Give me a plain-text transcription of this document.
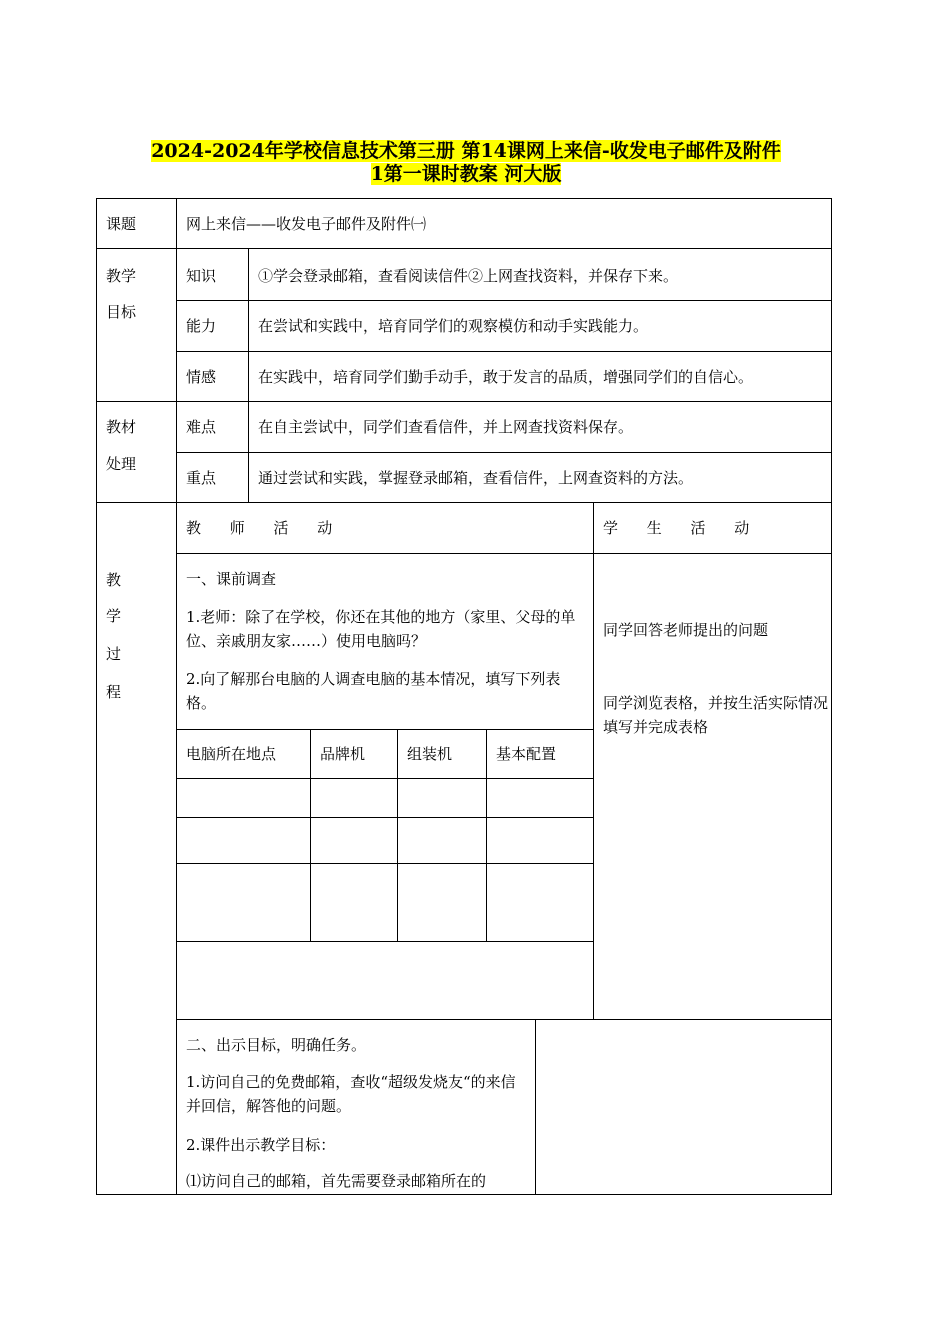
2024-2024年学校信息技术第三册 第14课网上来信-收发电子邮件及附件
1第一课时教案 河大版
课题	网上来信——收发电子邮件及附件㈠
教学
目标
知识	①学会登录邮箱，查看阅读信件②上网查找资料，并保存下来。
能力	在尝试和实践中，培育同学们的观察模仿和动手实践能力。
情感	在实践中，培育同学们勤手动手，敢于发言的品质，增强同学们的自信心。
教材
处理
难点	在自主尝试中，同学们查看信件，并上网查找资料保存。
重点	通过尝试和实践，掌握登录邮箱，查看信件，上网查资料的方法。
教
学
过
程
教 师 活 动	学 生 活 动
一、课前调查
1.老师：除了在学校，你还在其他的地方（家里、父母的单位、亲戚朋友家……）使用电脑吗？
2.向了解那台电脑的人调查电脑的基本情况，填写下列表格。
电脑所在地点	品牌机	组装机	基本配置
同学回答老师提出的问题
同学浏览表格，并按生活实际情况填写并完成表格
二、出示目标，明确任务。
1.访问自己的免费邮箱，查收“超级发烧友“的来信并回信，解答他的问题。
2.课件出示教学目标：
⑴访问自己的邮箱，首先需要登录邮箱所在的
